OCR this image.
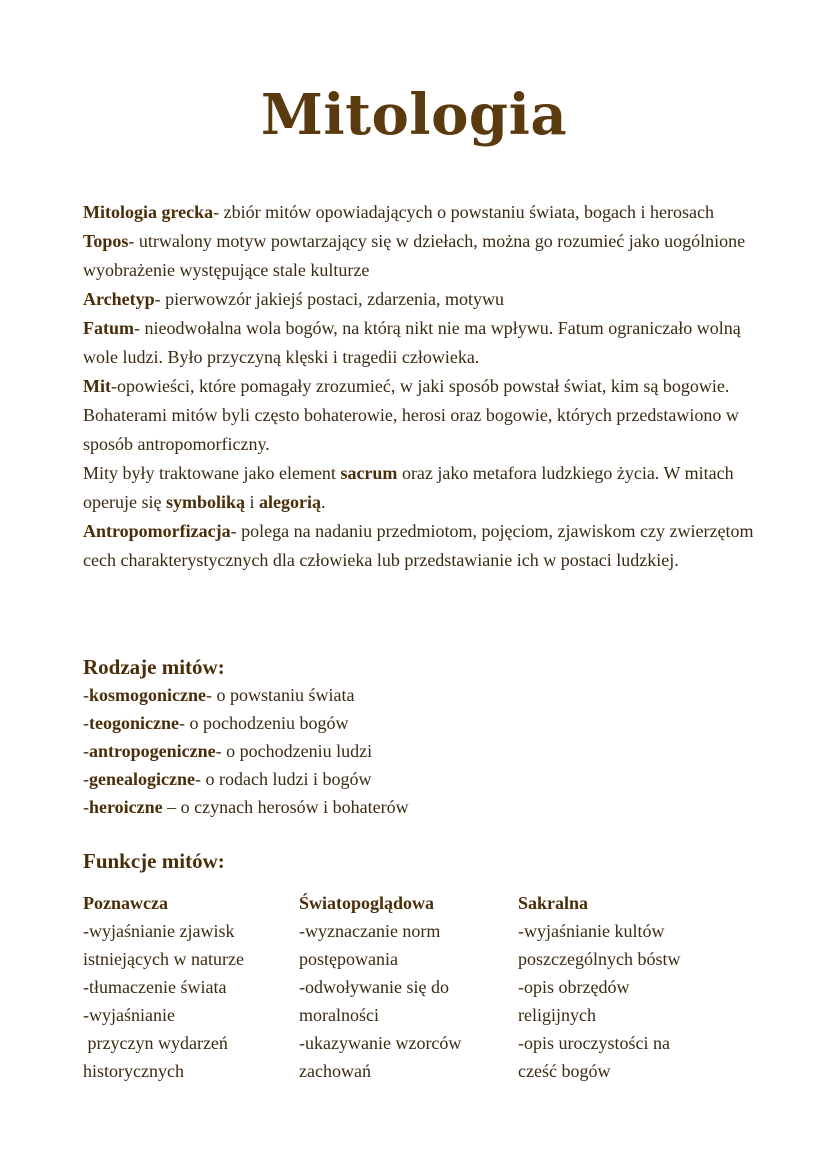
Mitologia

Mitologia grecka- zbiór mitów opowiadających o powstaniu świata, bogach i herosach

Topos- utrwalony motyw powtarzający się w dziełach, można go rozumieć jako uogólnione wyobrażenie występujące stale kulturze

Archetyp- pierwowzór jakiejś postaci, zdarzenia, motywu

Fatum- nieodwołalna wola bogów, na którą nikt nie ma wpływu. Fatum ograniczało wolną wole ludzi. Było przyczyną klęski i tragedii człowieka.

Mit-opowieści, które pomagały zrozumieć, w jaki sposób powstał świat, kim są bogowie. Bohaterami mitów byli często bohaterowie, herosi oraz bogowie, których przedstawiono w sposób antropomorficzny.

Mity były traktowane jako element sacrum oraz jako metafora ludzkiego życia. W mitach operuje się symboliką i alegorią.

Antropomorfizacja- polega na nadaniu przedmiotom, pojęciom, zjawiskom czy zwierzętom cech charakterystycznych dla człowieka lub przedstawianie ich w postaci ludzkiej.

Rodzaje mitów:
-kosmogoniczne- o powstaniu świata
-teogoniczne- o pochodzeniu bogów
-antropogeniczne- o pochodzeniu ludzi
-genealogiczne- o rodach ludzi i bogów
-heroiczne – o czynach herosów i bohaterów
Funkcje mitów:
Poznawcza
-wyjaśnianie zjawisk
istniejących w naturze
-tłumaczenie świata
-wyjaśnianie
przyczyn wydarzeń
historycznych
Światopoglądowa
-wyznaczanie norm
postępowania
-odwoływanie się do
moralności
-ukazywanie wzorców
zachowań
Sakralna
-wyjaśnianie kultów
poszczególnych bóstw
-opis obrzędów
religijnych
-opis uroczystości na
cześć bogów
